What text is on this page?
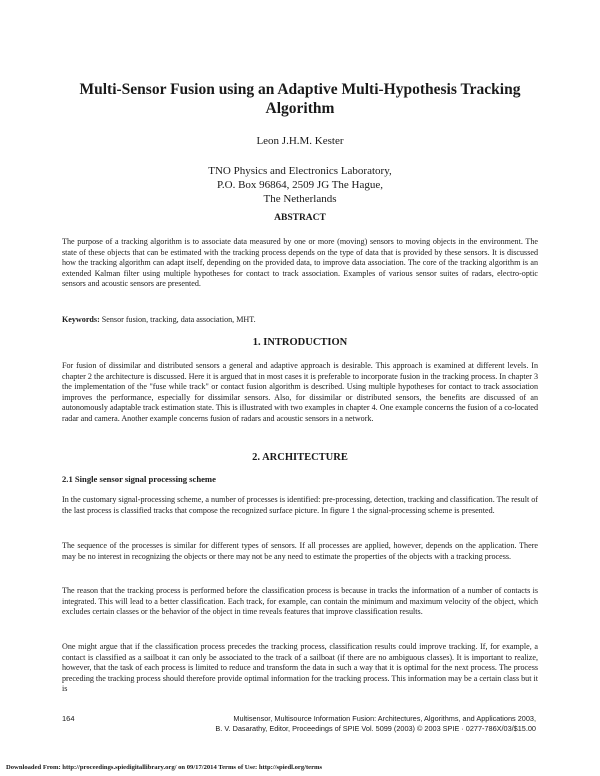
Multi-Sensor Fusion using an Adaptive Multi-Hypothesis Tracking Algorithm
Leon J.H.M. Kester
TNO Physics and Electronics Laboratory,
P.O. Box 96864, 2509 JG The Hague,
The Netherlands
ABSTRACT

The purpose of a tracking algorithm is to associate data measured by one or more (moving) sensors to moving objects in the environment. The state of these objects that can be estimated with the tracking process depends on the type of data that is provided by these sensors. It is discussed how the tracking algorithm can adapt itself, depending on the provided data, to improve data association. The core of the tracking algorithm is an extended Kalman filter using multiple hypotheses for contact to track association. Examples of various sensor suites of radars, electro-optic sensors and acoustic sensors are presented.

Keywords: Sensor fusion, tracking, data association, MHT.
1. INTRODUCTION

For fusion of dissimilar and distributed sensors a general and adaptive approach is desirable. This approach is examined at different levels. In chapter 2 the architecture is discussed. Here it is argued that in most cases it is preferable to incorporate fusion in the tracking process. In chapter 3 the implementation of the "fuse while track" or contact fusion algorithm is described. Using multiple hypotheses for contact to track association improves the performance, especially for dissimilar sensors. Also, for dissimilar or distributed sensors, the benefits are discussed of an autonomously adaptable track estimation state. This is illustrated with two examples in chapter 4. One example concerns the fusion of a co-located radar and camera. Another example concerns fusion of radars and acoustic sensors in a network.

2. ARCHITECTURE
2.1 Single sensor signal processing scheme

In the customary signal-processing scheme, a number of processes is identified: pre-processing, detection, tracking and classification. The result of the last process is classified tracks that compose the recognized surface picture. In figure 1 the signal-processing scheme is presented.

The sequence of the processes is similar for different types of sensors. If all processes are applied, however, depends on the application. There may be no interest in recognizing the objects or there may not be any need to estimate the properties of the objects with a tracking process.

The reason that the tracking process is performed before the classification process is because in tracks the information of a number of contacts is integrated. This will lead to a better classification. Each track, for example, can contain the minimum and maximum velocity of the object, which excludes certain classes or the behavior of the object in time reveals features that improve classification results.

One might argue that if the classification process precedes the tracking process, classification results could improve tracking. If, for example, a contact is classified as a sailboat it can only be associated to the track of a sailboat (if there are no ambiguous classes). It is important to realize, however, that the task of each process is limited to reduce and transform the data in such a way that it is optimal for the next process. The process preceding the tracking process should therefore provide optimal information for the tracking process. This information may be a certain class but it is

164	Multisensor, Multisource Information Fusion: Architectures, Algorithms, and Applications 2003,
B. V. Dasarathy, Editor, Proceedings of SPIE Vol. 5099 (2003) © 2003 SPIE · 0277-786X/03/$15.00
Downloaded From: http://proceedings.spiedigitallibrary.org/ on 09/17/2014 Terms of Use: http://spiedl.org/terms
